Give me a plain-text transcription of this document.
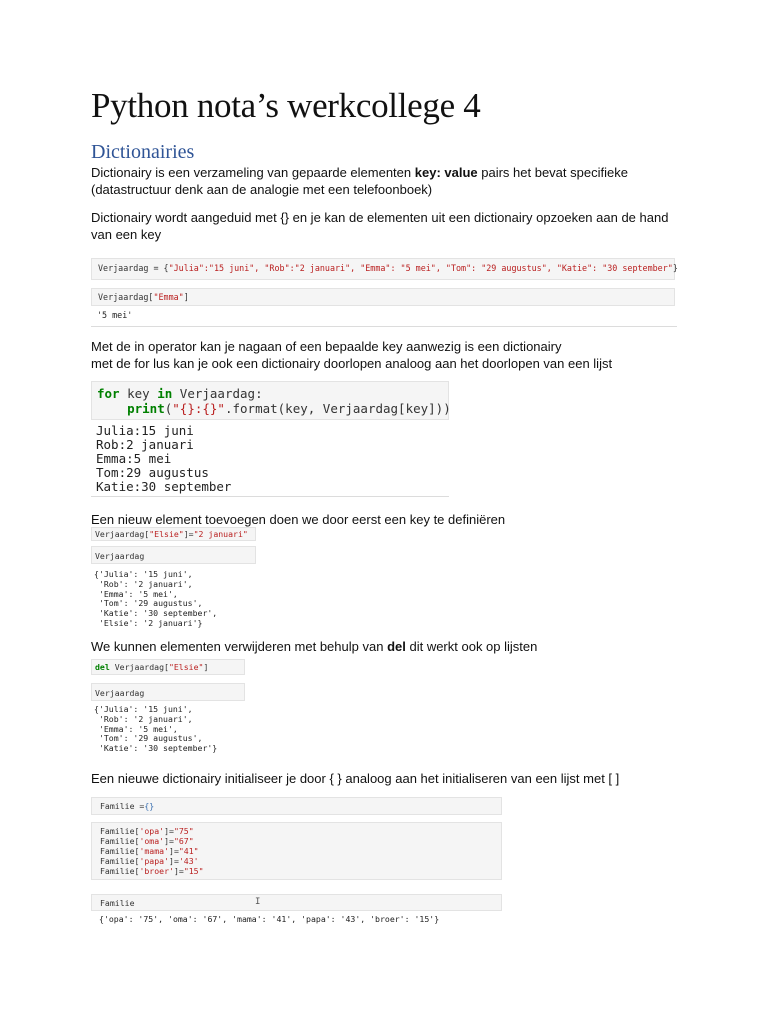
Python nota’s werkcollege 4
Dictionairies
Dictionairy is een verzameling van gepaarde elementen key: value pairs het bevat specifieke
(datastructuur denk aan de analogie met een telefoonboek)
Dictionairy wordt aangeduid met {} en je kan de elementen uit een dictionairy opzoeken aan de hand
van een key
Verjaardag = {"Julia":"15 juni", "Rob":"2 januari", "Emma": "5 mei", "Tom": "29 augustus", "Katie": "30 september"}
Verjaardag["Emma"]
'5 mei'
Met de in operator kan je nagaan of een bepaalde key aanwezig is een dictionairy
met de for lus kan je ook een dictionairy doorlopen analoog aan het doorlopen van een lijst
for key in Verjaardag:
print("{}:{}".format(key, Verjaardag[key]))
Julia:15 juni
Rob:2 januari
Emma:5 mei
Tom:29 augustus
Katie:30 september
Een nieuw element toevoegen doen we door eerst een key te definiëren
Verjaardag["Elsie"]="2 januari"
Verjaardag
{'Julia': '15 juni',
'Rob': '2 januari',
'Emma': '5 mei',
'Tom': '29 augustus',
'Katie': '30 september',
'Elsie': '2 januari'}
We kunnen elementen verwijderen met behulp van del dit werkt ook op lijsten
del Verjaardag["Elsie"]
Verjaardag
{'Julia': '15 juni',
'Rob': '2 januari',
'Emma': '5 mei',
'Tom': '29 augustus',
'Katie': '30 september'}
Een nieuwe dictionairy initialiseer je door { } analoog aan het initialiseren van een lijst met [ ]
Familie ={}
Familie['opa']="75"
Familie['oma']="67"
Familie['mama']="41"
Familie['papa']='43'
Familie['broer']="15"
Familie	I
{'opa': '75', 'oma': '67', 'mama': '41', 'papa': '43', 'broer': '15'}
